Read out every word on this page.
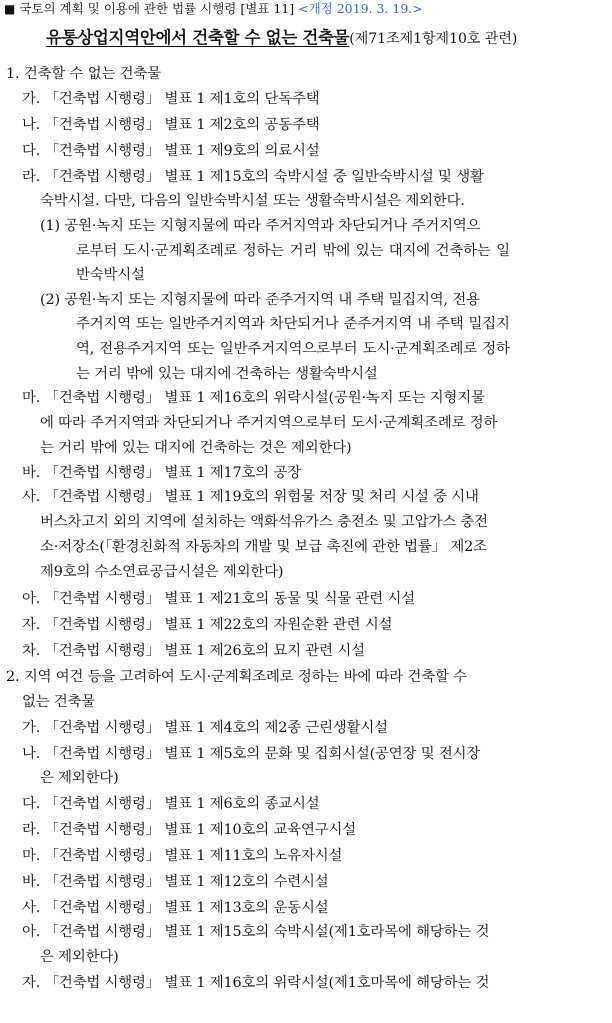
■ 국토의 계획 및 이용에 관한 법률 시행령 [별표 11] <개정 2019. 3. 19.>
유통상업지역안에서 건축할 수 없는 건축물(제71조제1항제10호 관련)
1. 건축할 수 없는 건축물
가. 「건축법 시행령」 별표 1 제1호의 단독주택
나. 「건축법 시행령」 별표 1 제2호의 공동주택
다. 「건축법 시행령」 별표 1 제9호의 의료시설
라. 「건축법 시행령」 별표 1 제15호의 숙박시설 중 일반숙박시설 및 생활
숙박시설. 다만, 다음의 일반숙박시설 또는 생활숙박시설은 제외한다.
(1) 공원·녹지 또는 지형지물에 따라 주거지역과 차단되거나 주거지역으
로부터 도시·군계획조례로 정하는 거리 밖에 있는 대지에 건축하는 일
반숙박시설
(2) 공원·녹지 또는 지형지물에 따라 준주거지역 내 주택 밀집지역, 전용
주거지역 또는 일반주거지역과 차단되거나 준주거지역 내 주택 밀집지
역, 전용주거지역 또는 일반주거지역으로부터 도시·군계획조례로 정하
는 거리 밖에 있는 대지에 건축하는 생활숙박시설
마. 「건축법 시행령」 별표 1 제16호의 위락시설(공원·녹지 또는 지형지물
에 따라 주거지역과 차단되거나 주거지역으로부터 도시·군계획조례로 정하
는 거리 밖에 있는 대지에 건축하는 것은 제외한다)
바. 「건축법 시행령」 별표 1 제17호의 공장
사. 「건축법 시행령」 별표 1 제19호의 위험물 저장 및 처리 시설 중 시내
버스차고지 외의 지역에 설치하는 액화석유가스 충전소 및 고압가스 충전
소·저장소(「환경친화적 자동차의 개발 및 보급 촉진에 관한 법률」 제2조
제9호의 수소연료공급시설은 제외한다)
아. 「건축법 시행령」 별표 1 제21호의 동물 및 식물 관련 시설
자. 「건축법 시행령」 별표 1 제22호의 자원순환 관련 시설
차. 「건축법 시행령」 별표 1 제26호의 묘지 관련 시설
2. 지역 여건 등을 고려하여 도시·군계획조례로 정하는 바에 따라 건축할 수
없는 건축물
가. 「건축법 시행령」 별표 1 제4호의 제2종 근린생활시설
나. 「건축법 시행령」 별표 1 제5호의 문화 및 집회시설(공연장 및 전시장
은 제외한다)
다. 「건축법 시행령」 별표 1 제6호의 종교시설
라. 「건축법 시행령」 별표 1 제10호의 교육연구시설
마. 「건축법 시행령」 별표 1 제11호의 노유자시설
바. 「건축법 시행령」 별표 1 제12호의 수련시설
사. 「건축법 시행령」 별표 1 제13호의 운동시설
아. 「건축법 시행령」 별표 1 제15호의 숙박시설(제1호라목에 해당하는 것
은 제외한다)
자. 「건축법 시행령」 별표 1 제16호의 위락시설(제1호마목에 해당하는 것
